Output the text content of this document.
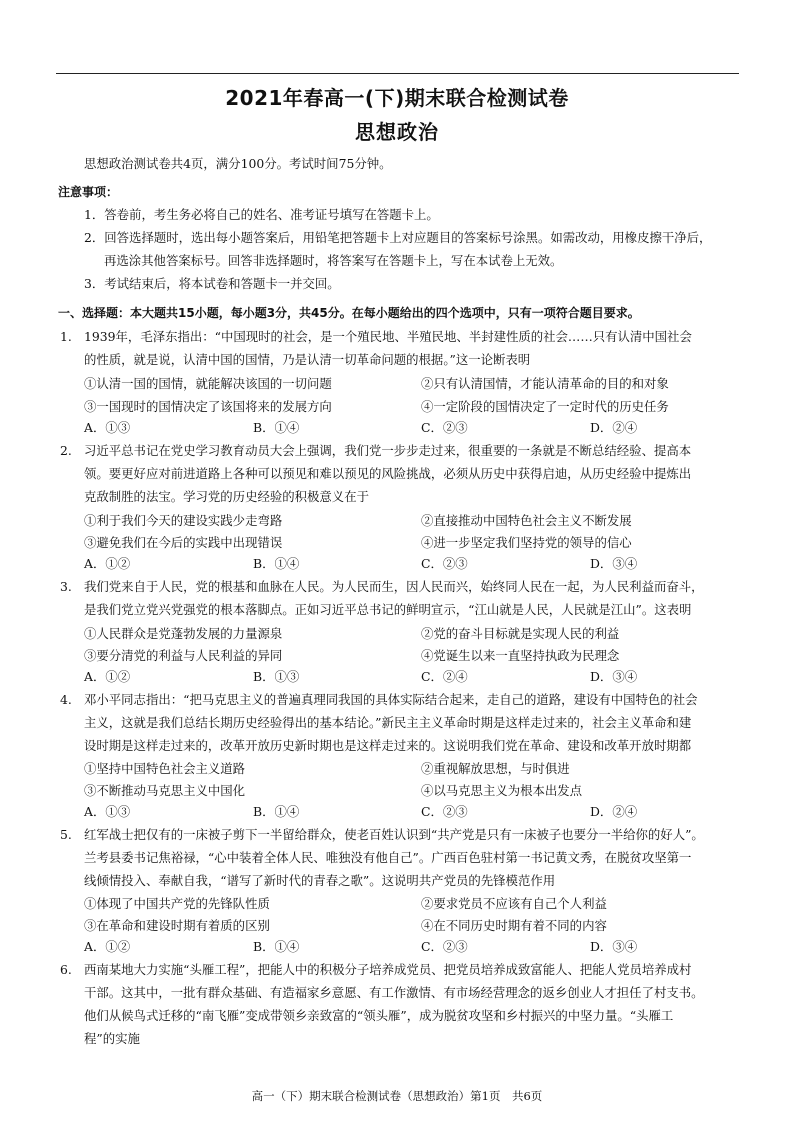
2021年春高一(下)期末联合检测试卷
思想政治
思想政治测试卷共4页，满分100分。考试时间75分钟。
注意事项：
1．答卷前，考生务必将自己的姓名、准考证号填写在答题卡上。
2．回答选择题时，选出每小题答案后，用铅笔把答题卡上对应题目的答案标号涂黑。如需改动，用橡皮擦干净后，
再选涂其他答案标号。回答非选择题时，将答案写在答题卡上，写在本试卷上无效。
3．考试结束后，将本试卷和答题卡一并交回。
一、选择题：本大题共15小题，每小题3分，共45分。在每小题给出的四个选项中，只有一项符合题目要求。
1. 1939年，毛泽东指出：“中国现时的社会，是一个殖民地、半殖民地、半封建性质的社会……只有认清中国社会
的性质，就是说，认清中国的国情，乃是认清一切革命问题的根据。”这一论断表明
①认清一国的国情，就能解决该国的一切问题	②只有认清国情，才能认清革命的目的和对象
③一国现时的国情决定了该国将来的发展方向	④一定阶段的国情决定了一定时代的历史任务
A．①③	B．①④	C．②③	D．②④
2. 习近平总书记在党史学习教育动员大会上强调，我们党一步步走过来，很重要的一条就是不断总结经验、提高本
领。要更好应对前进道路上各种可以预见和难以预见的风险挑战，必须从历史中获得启迪，从历史经验中提炼出
克敌制胜的法宝。学习党的历史经验的积极意义在于
①利于我们今天的建设实践少走弯路	②直接推动中国特色社会主义不断发展
③避免我们在今后的实践中出现错误	④进一步坚定我们坚持党的领导的信心
A．①②	B．①④	C．②③	D．③④
3. 我们党来自于人民，党的根基和血脉在人民。为人民而生，因人民而兴，始终同人民在一起，为人民利益而奋斗，
是我们党立党兴党强党的根本落脚点。正如习近平总书记的鲜明宣示，“江山就是人民，人民就是江山”。这表明
①人民群众是党蓬勃发展的力量源泉	②党的奋斗目标就是实现人民的利益
③要分清党的利益与人民利益的异同	④党诞生以来一直坚持执政为民理念
A．①②	B．①③	C．②④	D．③④
4. 邓小平同志指出：“把马克思主义的普遍真理同我国的具体实际结合起来，走自己的道路，建设有中国特色的社会
主义，这就是我们总结长期历史经验得出的基本结论。”新民主主义革命时期是这样走过来的，社会主义革命和建
设时期是这样走过来的，改革开放历史新时期也是这样走过来的。这说明我们党在革命、建设和改革开放时期都
①坚持中国特色社会主义道路	②重视解放思想，与时俱进
③不断推动马克思主义中国化	④以马克思主义为根本出发点
A．①③	B．①④	C．②③	D．②④
5. 红军战士把仅有的一床被子剪下一半留给群众，使老百姓认识到“共产党是只有一床被子也要分一半给你的好人”。
兰考县委书记焦裕禄，“心中装着全体人民、唯独没有他自己”。广西百色驻村第一书记黄文秀，在脱贫攻坚第一
线倾情投入、奉献自我，“谱写了新时代的青春之歌”。这说明共产党员的先锋模范作用
①体现了中国共产党的先锋队性质	②要求党员不应该有自己个人利益
③在革命和建设时期有着质的区别	④在不同历史时期有着不同的内容
A．①②	B．①④	C．②③	D．③④
6. 西南某地大力实施“头雁工程”，把能人中的积极分子培养成党员、把党员培养成致富能人、把能人党员培养成村
干部。这其中，一批有群众基础、有造福家乡意愿、有工作激情、有市场经营理念的返乡创业人才担任了村支书。
他们从候鸟式迁移的“南飞雁”变成带领乡亲致富的“领头雁”，成为脱贫攻坚和乡村振兴的中坚力量。“头雁工
程”的实施
高一（下）期末联合检测试卷（思想政治）第1页　共6页
